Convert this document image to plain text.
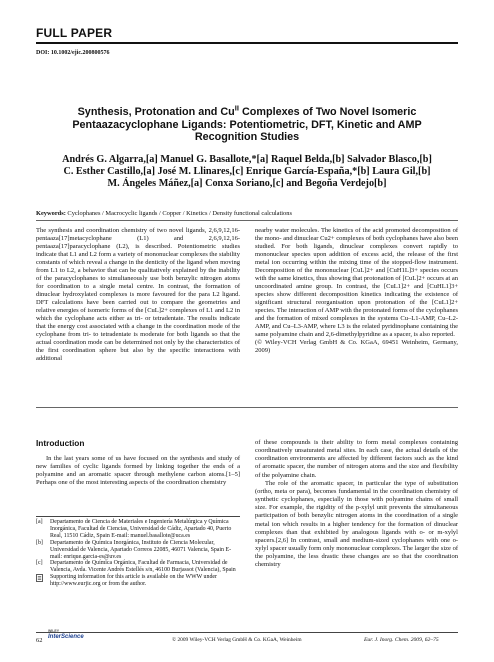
FULL PAPER
DOI: 10.1002/ejic.200800576
Synthesis, Protonation and $Cu^{II}$ Complexes of Two Novel Isomeric
Pentaazacyclophane Ligands: Potentiometric, DFT, Kinetic and AMP
Recognition Studies
Andrés G. Algarra,[a] Manuel G. Basallote,*[a] Raquel Belda,[b] Salvador Blasco,[b]
C. Esther Castillo,[a] José M. Llinares,[c] Enrique García-España,*[b] Laura Gil,[b]
M. Ángeles Máñez,[a] Conxa Soriano,[c] and Begoña Verdejo[b]
Keywords: Cyclophanes / Macrocyclic ligands / Copper / Kinetics / Density functional calculations

The synthesis and coordination chemistry of two novel ligands, 2,6,9,12,16-pentaaza[17]metacyclophane (L1) and 2,6,9,12,16-pentaaza[17]paracyclophane (L2), is described. Potentiometric studies indicate that L1 and L2 form a variety of mononuclear complexes the stability constants of which reveal a change in the denticity of the ligand when moving from L1 to L2, a behavior that can be qualitatively explained by the inability of the paracyclophanes to simultaneously use both benzylic nitrogen atoms for coordination to a single metal centre. In contrast, the formation of dinuclear hydroxylated complexes is more favoured for the para L2 ligand. DFT calculations have been carried out to compare the geometries and relative energies of isomeric forms of the [CuL]2+ complexes of L1 and L2 in which the cyclophane acts either as tri- or tetradentate. The results indicate that the energy cost associated with a change in the coordination mode of the cyclophane from tri- to tetradentate is moderate for both ligands so that the actual coordination mode can be determined not only by the characteristics of the first coordination sphere but also by the specific interactions with additional

nearby water molecules. The kinetics of the acid promoted decomposition of the mono- and dinuclear Cu2+ complexes of both cyclophanes have also been studied. For both ligands, dinuclear complexes convert rapidly to mononuclear species upon addition of excess acid, the release of the first metal ion occurring within the mixing time of the stopped-flow instrument. Decomposition of the mononuclear [CuL]2+ and [CuH1L]3+ species occurs with the same kinetics, thus showing that protonation of [CuL]2+ occurs at an uncoordinated amine group. In contrast, the [CuL1]2+ and [CuHL1]3+ species show different decomposition kinetics indicating the existence of significant structural reorganisation upon protonation of the [CuL1]2+ species. The interaction of AMP with the protonated forms of the cyclophanes and the formation of mixed complexes in the systems Cu–L1-AMP, Cu–L2-AMP, and Cu–L3-AMP, where L3 is the related pyridinophane containing the same polyamine chain and 2,6-dimethylpyridine as a spacer, is also reported.

(© Wiley-VCH Verlag GmbH & Co. KGaA, 69451 Weinheim, Germany, 2009)

Introduction

In the last years some of us have focused on the synthesis and study of new families of cyclic ligands formed by linking together the ends of a polyamine and an aromatic spacer through methylene carbon atoms.[1–5] Perhaps one of the most interesting aspects of the coordination chemistry

of these compounds is their ability to form metal complexes containing coordinatively unsaturated metal sites. In each case, the actual details of the coordination environments are affected by different factors such as the kind of aromatic spacer, the number of nitrogen atoms and the size and flexibility of the polyamine chain.

The role of the aromatic spacer, in particular the type of substitution (ortho, meta or para), becomes fundamental in the coordination chemistry of synthetic cyclophanes, especially in those with polyamine chains of small size. For example, the rigidity of the p-xylyl unit prevents the simultaneous participation of both benzylic nitrogen atoms in the coordination of a single metal ion which results in a higher tendency for the formation of dinuclear complexes than that exhibited by analogous ligands with o- or m-xylyl spacers.[2,6] In contrast, small and medium-sized cyclophanes with one o-xylyl spacer usually form only mononuclear complexes. The larger the size of the polyamine, the less drastic these changes are so that the coordination chemistry

[a]	Departamento de Ciencia de Materiales e Ingeniería Metalúrgica y Química Inorgánica, Facultad de Ciencias, Universidad de Cádiz, Apartado 40, Puerto Real, 11510 Cádiz, Spain E-mail: manuel.basallote@uca.es
[b]	Departamento de Química Inorgánica, Instituto de Ciencia Molecular, Universidad de Valencia, Apartado Correos 22085, 46071 Valencia, Spain E-mail: enrique.garcia-es@uv.es
[c]	Departamento de Química Orgánica, Facultad de Farmacia, Universidad de Valencia, Avda. Vicente Andrés Estellés s/n, 46100 Burjassot (Valencia), Spain
Supporting information for this article is available on the WWW under http://www.eurjic.org or from the author.
62
WILEY
InterScience	© 2009 Wiley-VCH Verlag GmbH & Co. KGaA, Weinheim	Eur. J. Inorg. Chem. 2009, 62–75
